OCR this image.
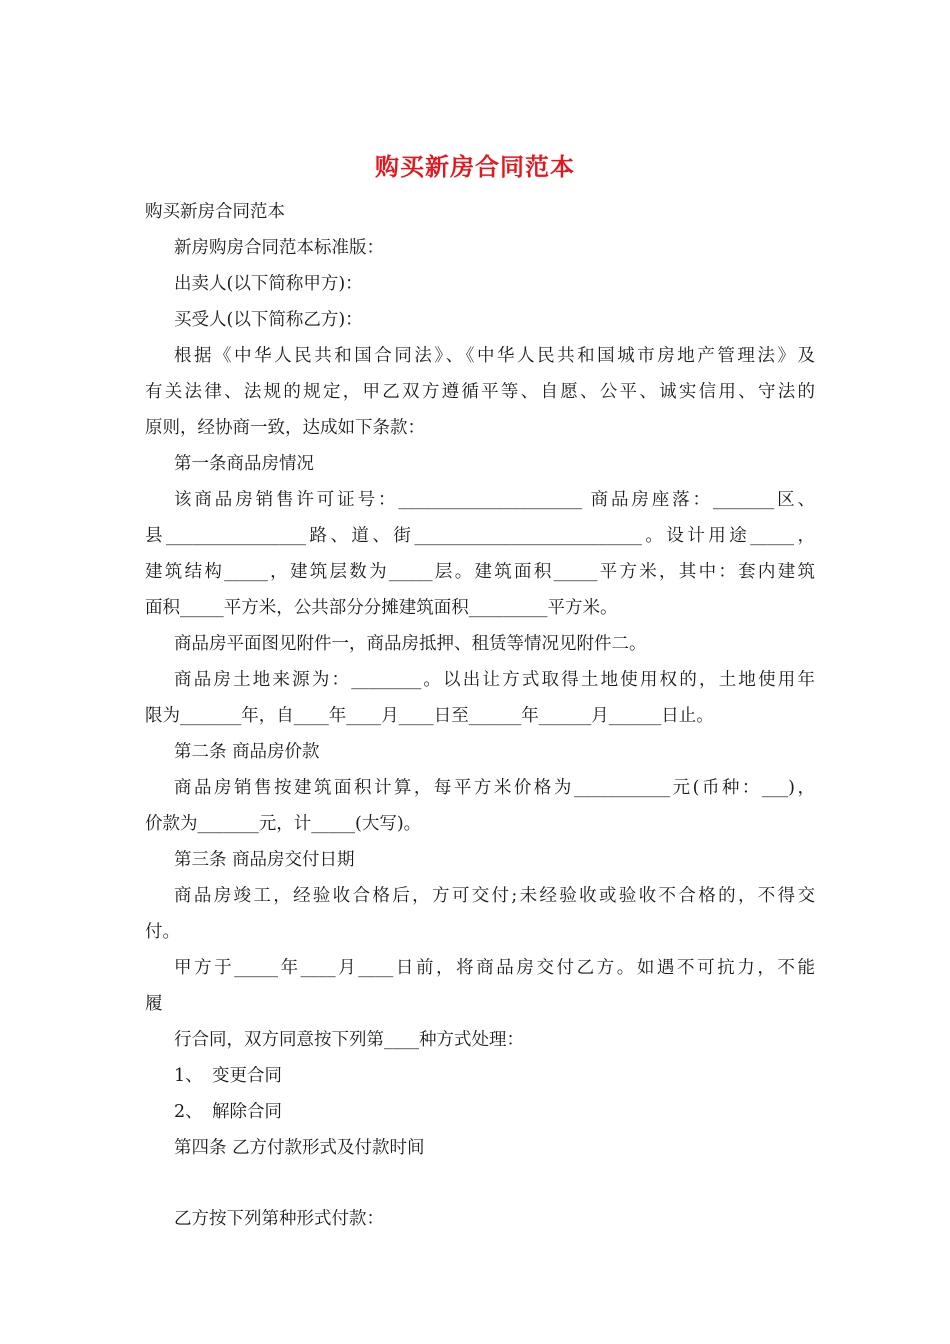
购买新房合同范本
购买新房合同范本
新房购房合同范本标准版：
出卖人(以下简称甲方)：
买受人(以下简称乙方)：
根据《中华人民共和国合同法》、《中华人民共和国城市房地产管理法》及
有关法律、法规的规定，甲乙双方遵循平等、自愿、公平、诚实信用、守法的
原则，经协商一致，达成如下条款：
第一条商品房情况
该商品房销售许可证号：_____________________ 商品房座落：_______区、
县________________路、道、街__________________________。设计用途_____，
建筑结构_____，建筑层数为_____层。建筑面积_____平方米，其中：套内建筑
面积_____平方米，公共部分分摊建筑面积_________平方米。
商品房平面图见附件一，商品房抵押、租赁等情况见附件二。
商品房土地来源为：________。以出让方式取得土地使用权的，土地使用年
限为_______年，自____年____月____日至______年______月______日止。
第二条 商品房价款
商品房销售按建筑面积计算，每平方米价格为___________元(币种：___)，
价款为_______元，计_____(大写)。
第三条 商品房交付日期
商品房竣工，经验收合格后，方可交付;未经验收或验收不合格的，不得交
付。
甲方于_____年____月____日前，将商品房交付乙方。如遇不可抗力，不能
履
行合同，双方同意按下列第____种方式处理：
1、 变更合同
2、 解除合同
第四条 乙方付款形式及付款时间
乙方按下列第种形式付款：
